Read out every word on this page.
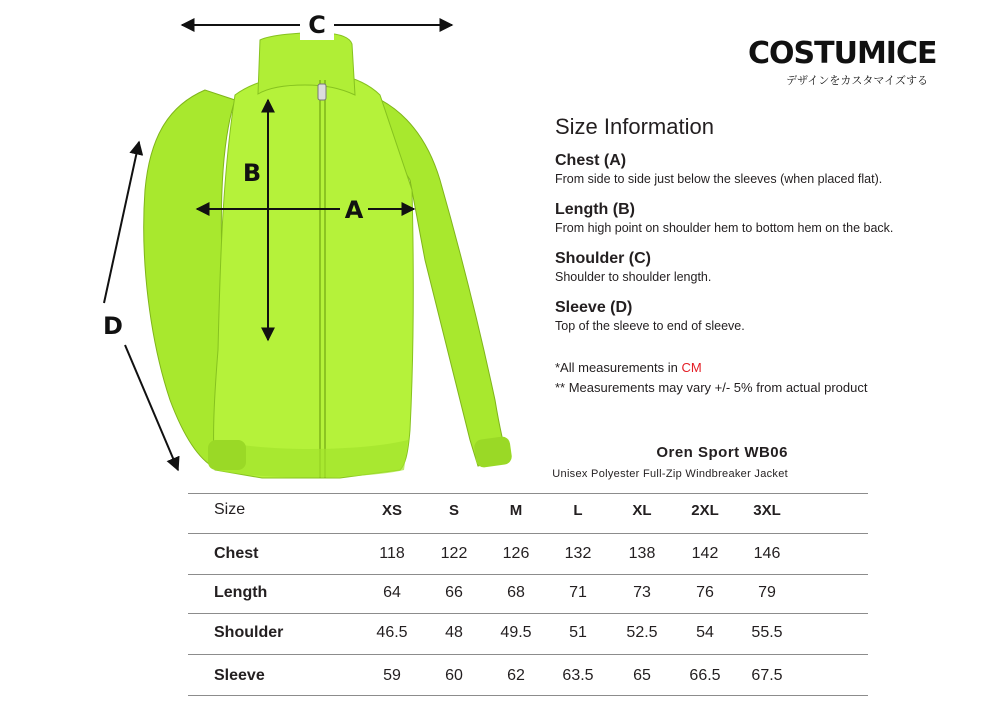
C
B
A
D
COSTUMICE
デザインをカスタマイズする
Size Information
Chest (A)
From side to side just below the sleeves (when placed flat).
Length (B)
From high point on shoulder hem to bottom hem on the back.
Shoulder (C)
Shoulder to shoulder length.
Sleeve (D)
Top of the sleeve to end of sleeve.
*All measurements in CM
** Measurements may vary +/- 5% from actual product
Oren Sport WB06
Unisex Polyester Full-Zip Windbreaker Jacket
Size	XS	S	M	L	XL	2XL	3XL
Chest	118	122	126	132	138	142	146
Length	64	66	68	71	73	76	79
Shoulder	46.5	48	49.5	51	52.5	54	55.5
Sleeve	59	60	62	63.5	65	66.5	67.5
